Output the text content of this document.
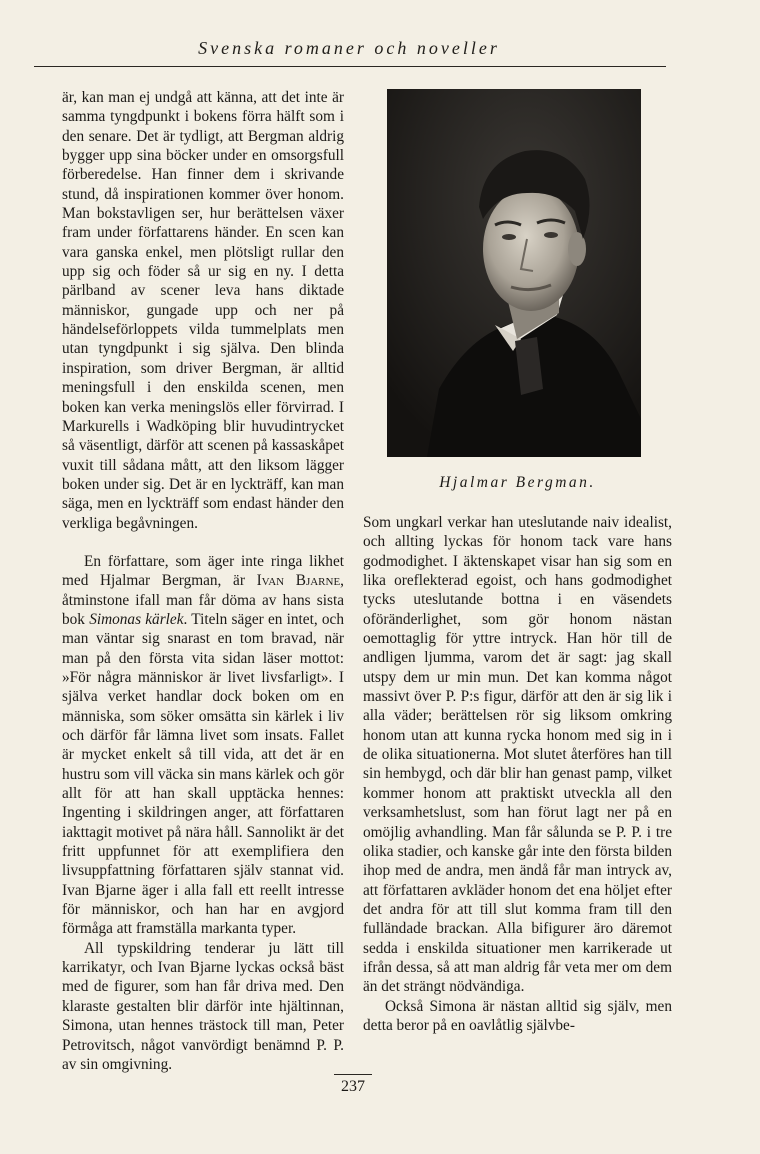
Svenska romaner och noveller

är, kan man ej undgå att känna, att det inte är samma tyngdpunkt i bokens förra hälft som i den senare. Det är tydligt, att Bergman aldrig bygger upp sina böcker under en omsorgsfull förberedelse. Han finner dem i skrivande stund, då inspirationen kommer över honom. Man bokstavligen ser, hur berättelsen växer fram under författarens händer. En scen kan vara ganska enkel, men plötsligt rullar den upp sig och föder så ur sig en ny. I detta pärlband av scener leva hans diktade människor, gungade upp och ner på händelseförloppets vilda tummelplats men utan tyngdpunkt i sig själva. Den blinda inspiration, som driver Bergman, är alltid meningsfull i den enskilda scenen, men boken kan verka meningslös eller förvirrad. I Markurells i Wadköping blir huvudintrycket så väsentligt, därför att scenen på kassaskåpet vuxit till sådana mått, att den liksom lägger boken under sig. Det är en lyckträff, kan man säga, men en lyckträff som endast händer den verkliga begåvningen.

En författare, som äger inte ringa likhet med Hjalmar Bergman, är Ivan Bjarne, åtminstone ifall man får döma av hans sista bok Simonas kärlek. Titeln säger en intet, och man väntar sig snarast en tom bravad, när man på den första vita sidan läser mottot: »För några människor är livet livsfarligt». I själva verket handlar dock boken om en människa, som söker omsätta sin kärlek i liv och därför får lämna livet som insats. Fallet är mycket enkelt så till vida, att det är en hustru som vill väcka sin mans kärlek och gör allt för att han skall upptäcka hennes: Ingenting i skildringen anger, att författaren iakttagit motivet på nära håll. Sannolikt är det fritt uppfunnet för att exemplifiera den livsuppfattning författaren själv stannat vid. Ivan Bjarne äger i alla fall ett reellt intresse för människor, och han har en avgjord förmåga att framställa markanta typer.

All typskildring tenderar ju lätt till karrikatyr, och Ivan Bjarne lyckas också bäst med de figurer, som han får driva med. Den klaraste gestalten blir därför inte hjältinnan, Simona, utan hennes trästock till man, Peter Petrovitsch, något vanvördigt benämnd P. P. av sin omgivning.

Hjalmar Bergman.

Som ungkarl verkar han uteslutande naiv idealist, och allting lyckas för honom tack vare hans godmodighet. I äktenskapet visar han sig som en lika oreflekterad egoist, och hans godmodighet tycks uteslutande bottna i en väsendets oföränderlighet, som gör honom nästan oemottaglig för yttre intryck. Han hör till de andligen ljumma, varom det är sagt: jag skall utspy dem ur min mun. Det kan komma något massivt över P. P:s figur, därför att den är sig lik i alla väder; berättelsen rör sig liksom omkring honom utan att kunna rycka honom med sig in i de olika situationerna. Mot slutet återföres han till sin hembygd, och där blir han genast pamp, vilket kommer honom att praktiskt utveckla all den verksamhetslust, som han förut lagt ner på en omöjlig avhandling. Man får sålunda se P. P. i tre olika stadier, och kanske går inte den första bilden ihop med de andra, men ändå får man intryck av, att författaren avkläder honom det ena höljet efter det andra för att till slut komma fram till den fulländade brackan. Alla bifigurer äro däremot sedda i enskilda situationer men karrikerade ut ifrån dessa, så att man aldrig får veta mer om dem än det strängt nödvändiga.

Också Simona är nästan alltid sig själv, men detta beror på en oavlåtlig självbe-

237
